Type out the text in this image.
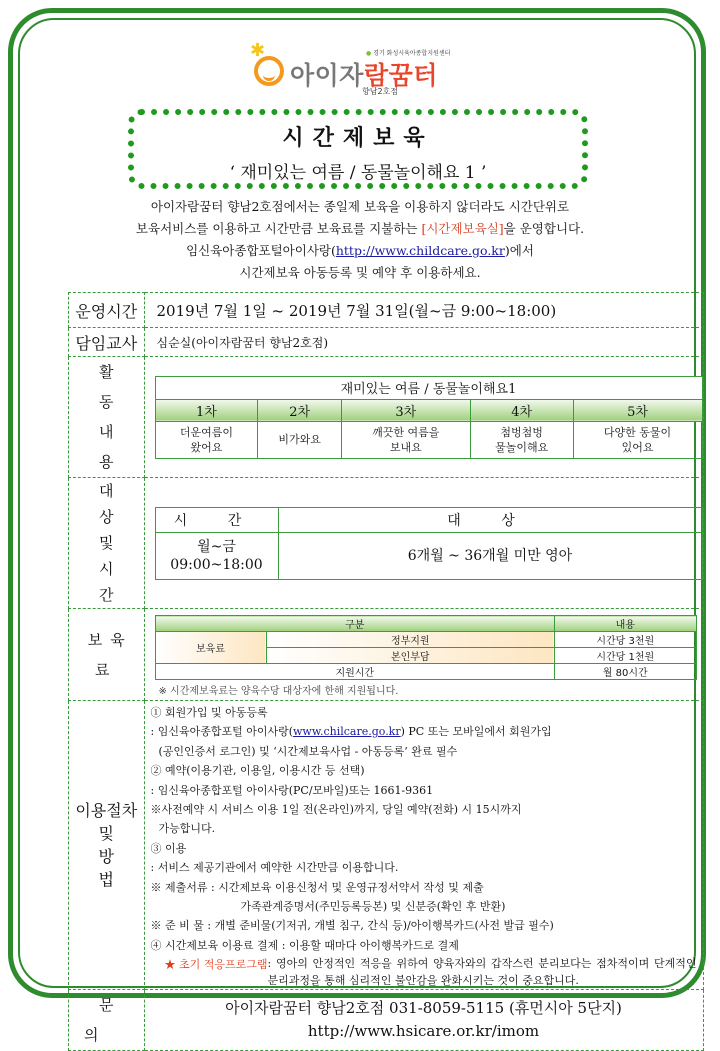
✱
●	경기 화성시육아종합지원센터
아이자람꿈터
향남2호점
시간제보육
‘ 재미있는 여름 / 동물놀이해요 1 ’
아이자람꿈터 향남2호점에서는 종일제 보육을 이용하지 않더라도 시간단위로
보육서비스를 이용하고 시간만큼 보육료를 지불하는 [시간제보육실]을 운영합니다.
임신육아종합포털아이사랑(http://www.childcare.go.kr)에서
시간제보육 아동등록 및 예약 후 이용하세요.
운영시간	2019년 7월 1일 ~ 2019년 7월 31일(월~금 9:00~18:00)
담임교사	심순실(아이자람꿈터 향남2호점)

활 동
내 용

재미있는 여름 / 동물놀이해요1
1차	2차	3차	4차	5차

더운여름이
왔어요

비가와요

깨끗한 여름을
보내요

첨벙첨벙
물놀이해요

다양한 동물이
있어요

대 상
및
시 간

시 간	대 상

월~금
09:00~18:00
	6개월 ~ 36개월 미만 영아

보육료	
구분	내용
보육료	정부지원	시간당 3천원
본인부담	시간당 1천원
지원시간	월 80시간
※ 시간제보육료는 양육수당 대상자에 한해 지원됩니다.

이용절차
및
방 법

① 회원가입 및 아동등록
: 임신육아종합포털 아이사랑(www.chilcare.go.kr) PC 또는 모바일에서 회원가입
(공인인증서 로그인) 및 ‘시간제보육사업 - 아동등록’ 완료 필수
② 예약(이용기관, 이용일, 이용시간 등 선택)
: 임신육아종합포털 아이사랑(PC/모바일)또는 1661-9361
※사전예약 시 서비스 이용 1일 전(온라인)까지, 당일 예약(전화) 시 15시까지
가능합니다.
③ 이용
: 서비스 제공기관에서 예약한 시간만큼 이용합니다.
※ 제출서류 : 시간제보육 이용신청서 및 운영규정서약서 작성 및 제출
가족관계증명서(주민등록등본) 및 신분증(확인 후 반환)
※ 준 비 물 : 개별 준비물(기저귀, 개별 침구, 간식 등)/아이행복카드(사전 발급 필수)
④ 시간제보육 이용료 결제 : 이용할 때마다 아이행복카드로 결제
★ 초기 적응프로그램 : 영아의 안정적인 적응을 위하여 양육자와의 갑작스런 분리보다는 점차적이며 단계적인 분리과정을 통해 심리적인 불안감을 완화시키는 것이 중요합니다.

문 의	
아이자람꿈터 향남2호점 031-8059-5115 (휴먼시아 5단지)
http://www.hsicare.or.kr/imom
